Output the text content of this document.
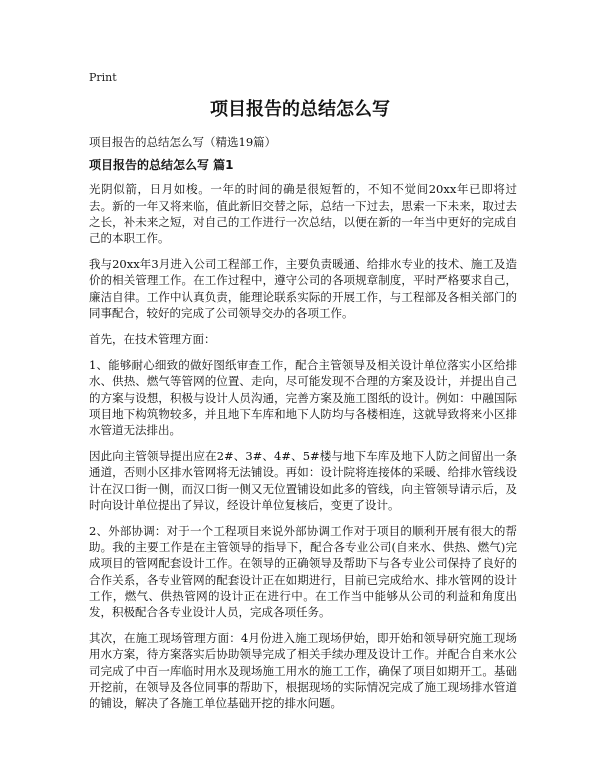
Print
项目报告的总结怎么写
项目报告的总结怎么写（精选19篇）
项目报告的总结怎么写 篇1

光阴似箭，日月如梭。一年的时间的确是很短暂的，不知不觉间20xx年已即将过去。新的一年又将来临，值此新旧交替之际，总结一下过去，思索一下未来，取过去之长，补未来之短，对自己的工作进行一次总结，以便在新的一年当中更好的完成自己的本职工作。

我与20xx年3月进入公司工程部工作，主要负责暖通、给排水专业的技术、施工及造价的相关管理工作。在工作过程中，遵守公司的各项规章制度，平时严格要求自己，廉洁自律。工作中认真负责，能理论联系实际的开展工作，与工程部及各相关部门的同事配合，较好的完成了公司领导交办的各项工作。

首先，在技术管理方面：

1、能够耐心细致的做好图纸审查工作，配合主管领导及相关设计单位落实小区给排水、供热、燃气等管网的位置、走向，尽可能发现不合理的方案及设计，并提出自己的方案与设想，积极与设计人员沟通，完善方案及施工图纸的设计。例如：中融国际项目地下构筑物较多，并且地下车库和地下人防均与各楼相连，这就导致将来小区排水管道无法排出。

因此向主管领导提出应在2#、3#、4#、5#楼与地下车库及地下人防之间留出一条通道，否则小区排水管网将无法铺设。再如：设计院将连接体的采暖、给排水管线设计在汉口街一侧，而汉口街一侧又无位置铺设如此多的管线，向主管领导请示后，及时向设计单位提出了异议，经设计单位复核后，变更了设计。

2、外部协调：对于一个工程项目来说外部协调工作对于项目的顺利开展有很大的帮助。我的主要工作是在主管领导的指导下，配合各专业公司(自来水、供热、燃气)完成项目的管网配套设计工作。在领导的正确领导及帮助下与各专业公司保持了良好的合作关系，各专业管网的配套设计正在如期进行，目前已完成给水、排水管网的设计工作，燃气、供热管网的设计正在进行中。在工作当中能够从公司的利益和角度出发，积极配合各专业设计人员，完成各项任务。

其次，在施工现场管理方面：4月份进入施工现场伊始，即开始和领导研究施工现场用水方案，待方案落实后协助领导完成了相关手续办理及设计工作。并配合自来水公司完成了中百一库临时用水及现场施工用水的施工工作，确保了项目如期开工。基础开挖前，在领导及各位同事的帮助下，根据现场的实际情况完成了施工现场排水管道的铺设，解决了各施工单位基础开挖的排水问题。
